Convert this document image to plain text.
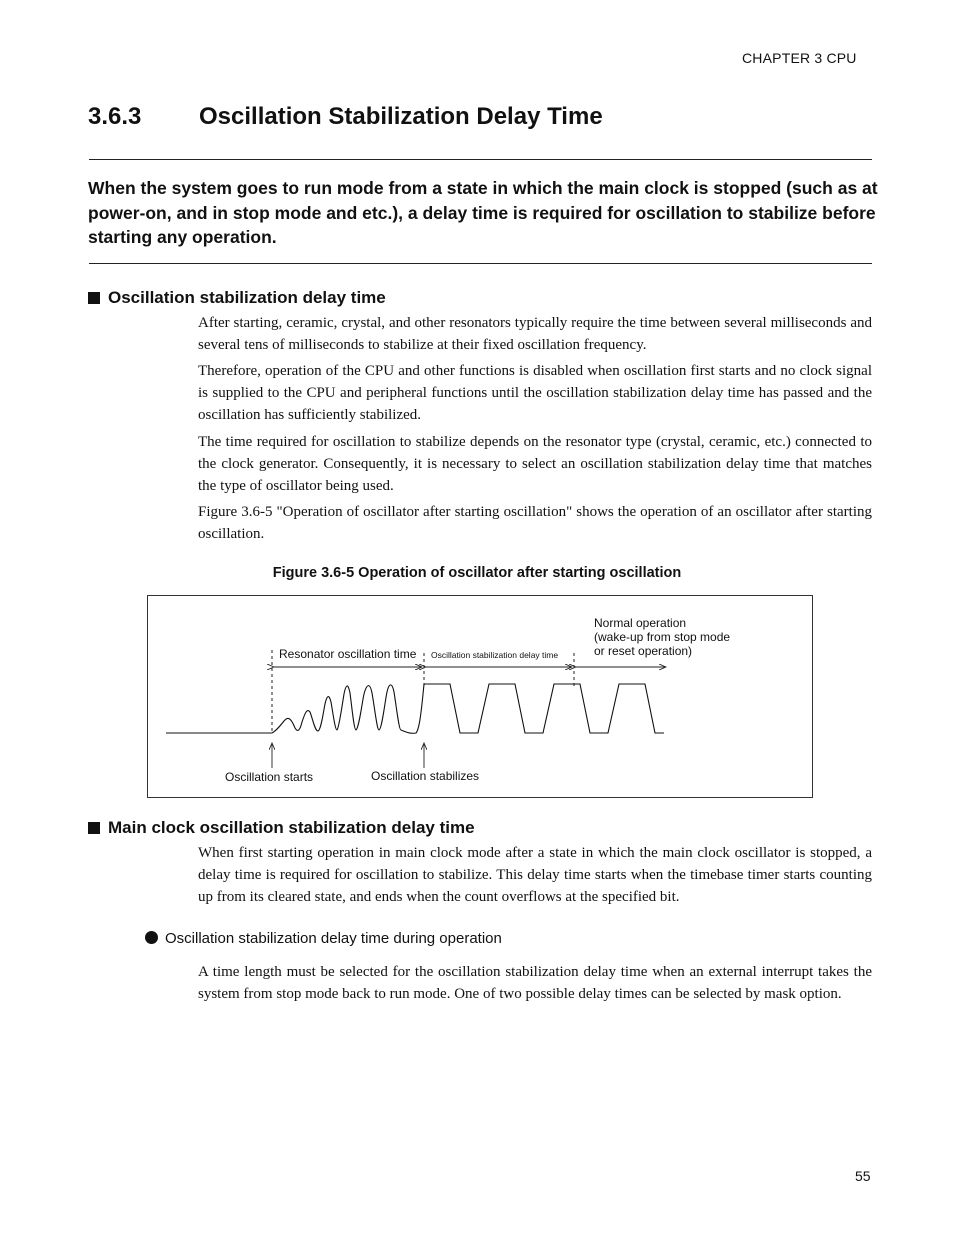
CHAPTER 3 CPU
3.6.3 Oscillation Stabilization Delay Time
When the system goes to run mode from a state in which the main clock is stopped (such as at power-on, and in stop mode and etc.), a delay time is required for oscillation to stabilize before starting any operation.
Oscillation stabilization delay time
After starting, ceramic, crystal, and other resonators typically require the time between several milliseconds and several tens of milliseconds to stabilize at their fixed oscillation frequency.
Therefore, operation of the CPU and other functions is disabled when oscillation first starts and no clock signal is supplied to the CPU and peripheral functions until the oscillation stabilization delay time has passed and the oscillation has sufficiently stabilized.
The time required for oscillation to stabilize depends on the resonator type (crystal, ceramic, etc.) connected to the clock generator. Consequently, it is necessary to select an oscillation stabilization delay time that matches the type of oscillator being used.
Figure 3.6-5 "Operation of oscillator after starting oscillation" shows the operation of an oscillator after starting oscillation.
Figure 3.6-5 Operation of oscillator after starting oscillation
Resonator oscillation time Oscillation stabilization delay time
Normal operation
(wake-up from stop mode
or reset operation)
Oscillation starts	Oscillation stabilizes
Main clock oscillation stabilization delay time
When first starting operation in main clock mode after a state in which the main clock oscillator is stopped, a delay time is required for oscillation to stabilize. This delay time starts when the timebase timer starts counting up from its cleared state, and ends when the count overflows at the specified bit.
Oscillation stabilization delay time during operation
A time length must be selected for the oscillation stabilization delay time when an external interrupt takes the system from stop mode back to run mode. One of two possible delay times can be selected by mask option.
55
